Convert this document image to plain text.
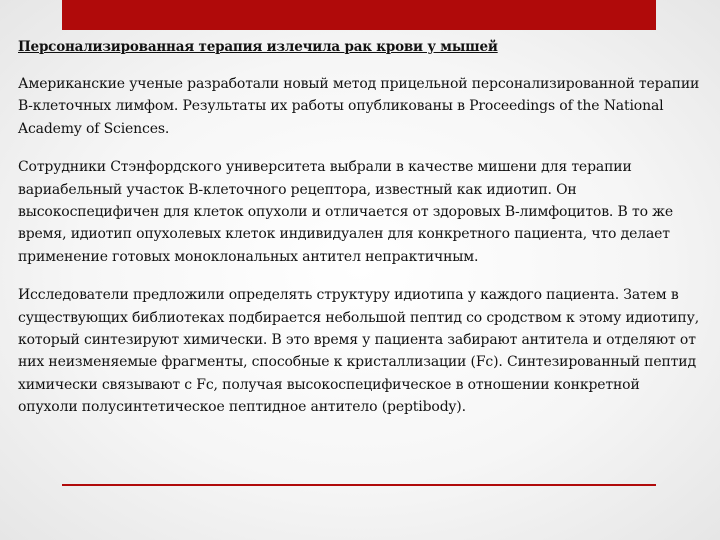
Персонализированная терапия излечила рак крови у мышей

Американские ученые разработали новый метод прицельной персонализированной терапии В-клеточных лимфом. Результаты их работы опубликованы в Proceedings of the National Academy of Sciences.

Сотрудники Стэнфордского университета выбрали в качестве мишени для терапии вариабельный участок В-клеточного рецептора, известный как идиотип. Он высокоспецифичен для клеток опухоли и отличается от здоровых В-лимфоцитов. В то же время, идиотип опухолевых клеток индивидуален для конкретного пациента, что делает применение готовых моноклональных антител непрактичным.

Исследователи предложили определять структуру идиотипа у каждого пациента. Затем в существующих библиотеках подбирается небольшой пептид со сродством к этому идиотипу, который синтезируют химически. В это время у пациента забирают антитела и отделяют от них неизменяемые фрагменты, способные к кристаллизации (Fc). Синтезированный пептид химически связывают с Fc, получая высокоспецифическое в отношении конкретной опухоли полусинтетическое пептидное антитело (peptibody).
